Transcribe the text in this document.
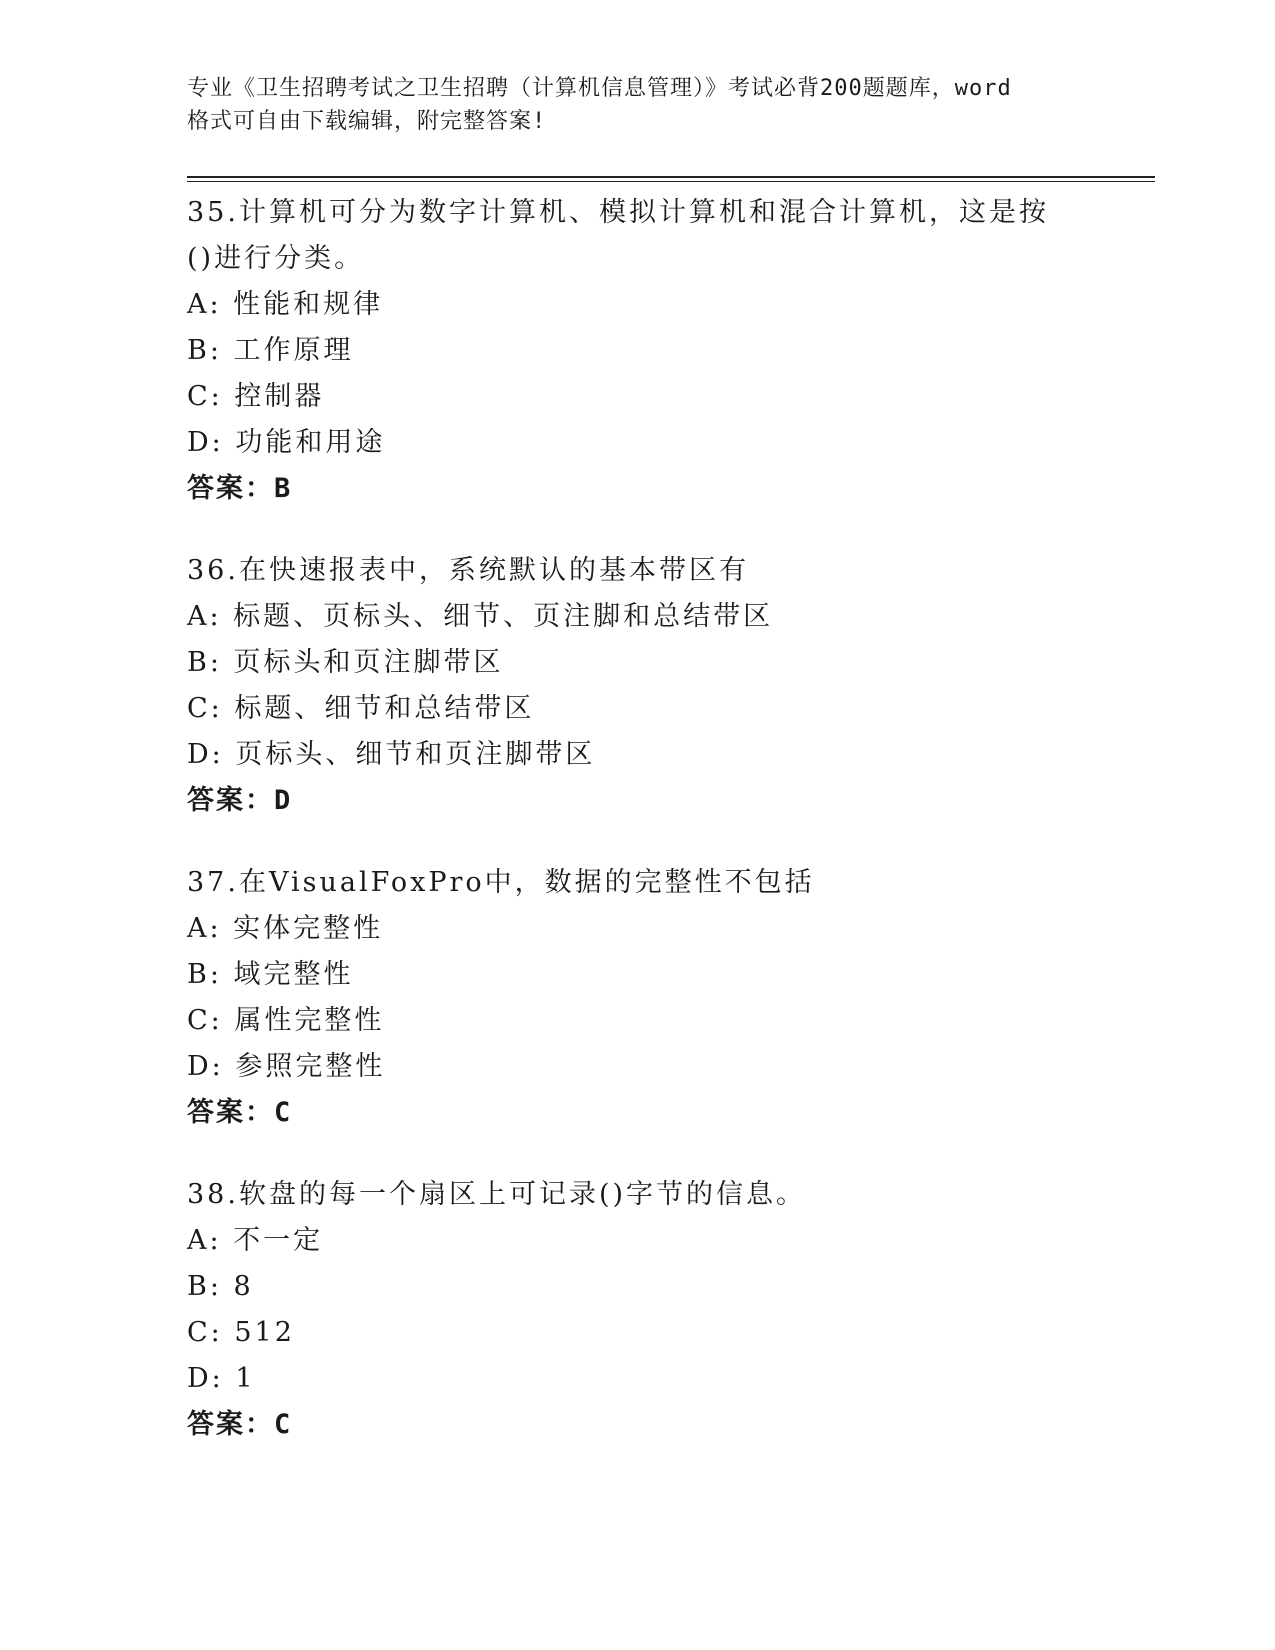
专业《卫生招聘考试之卫生招聘（计算机信息管理）》考试必背200题题库，word
格式可自由下载编辑，附完整答案!
35.计算机可分为数字计算机、模拟计算机和混合计算机，这是按()进行分类。
A: 性能和规律
B: 工作原理
C: 控制器
D: 功能和用途
答案：B
36.在快速报表中，系统默认的基本带区有
A: 标题、页标头、细节、页注脚和总结带区
B: 页标头和页注脚带区
C: 标题、细节和总结带区
D: 页标头、细节和页注脚带区
答案：D
37.在VisualFoxPro中，数据的完整性不包括
A: 实体完整性
B: 域完整性
C: 属性完整性
D: 参照完整性
答案：C
38.软盘的每一个扇区上可记录()字节的信息。
A: 不一定
B: 8
C: 512
D: 1
答案：C
